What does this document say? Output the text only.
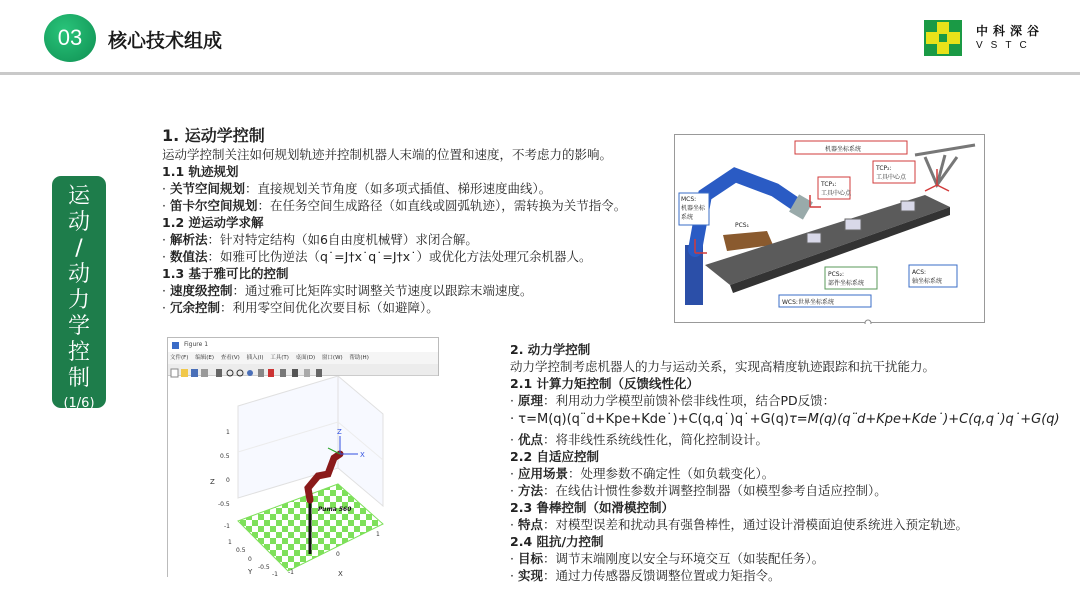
03	核心技术组成	中科深谷
VSTC
运
动
/
动
力
学
控
制
(1/6)
1. 运动学控制
运动学控制关注如何规划轨迹并控制机器人末端的位置和速度，不考虑力的影响。
1.1 轨迹规划
· 关节空间规划：直接规划关节角度（如多项式插值、梯形速度曲线）。
· 笛卡尔空间规划：在任务空间生成路径（如直线或圆弧轨迹），需转换为关节指令。
1.2 逆运动学求解
· 解析法：针对特定结构（如6自由度机械臂）求闭合解。
· 数值法：如雅可比伪逆法（q˙=J†x˙q˙​=J†x˙）或优化方法处理冗余机器人。
1.3 基于雅可比的控制
· 速度级控制：通过雅可比矩阵实时调整关节速度以跟踪末端速度。
· 冗余控制：利用零空间优化次要目标（如避障）。
机器坐标系统
MCS:
机器坐标
系统
TCP₁:
工具中心点
TCP₂:
工具中心点
PCS₁
PCS₂:
部件坐标系统
ACS:
轴坐标系统
WCS:世界坐标系统
Figure 1
文件(F) 编辑(E) 查看(V) 插入(I) 工具(T) 桌面(D) 窗口(W) 帮助(H)
X
Z
Puma 560
1
0.5
0
-0.5
-1
Z
1
0.5
0
-0.5
-1
Y	-1
0
1
X
2. 动力学控制
动力学控制考虑机器人的力与运动关系，实现高精度轨迹跟踪和抗干扰能力。
2.1 计算力矩控制（反馈线性化）
· 原理：利用动力学模型前馈补偿非线性项，结合PD反馈：
· τ=M(q)(q¨d+Kpe+Kde˙)+C(q,q˙)q˙+G(q)τ=M(q)(q¨d+Kpe+Kde˙)+C(q,q˙)q˙+G(q)
· 优点：将非线性系统线性化，简化控制设计。
2.2 自适应控制
· 应用场景：处理参数不确定性（如负载变化）。
· 方法：在线估计惯性参数并调整控制器（如模型参考自适应控制）。
2.3 鲁棒控制（如滑模控制）
· 特点：对模型误差和扰动具有强鲁棒性，通过设计滑模面迫使系统进入预定轨迹。
2.4 阻抗/力控制
· 目标：调节末端刚度以安全与环境交互（如装配任务）。
· 实现：通过力传感器反馈调整位置或力矩指令。
